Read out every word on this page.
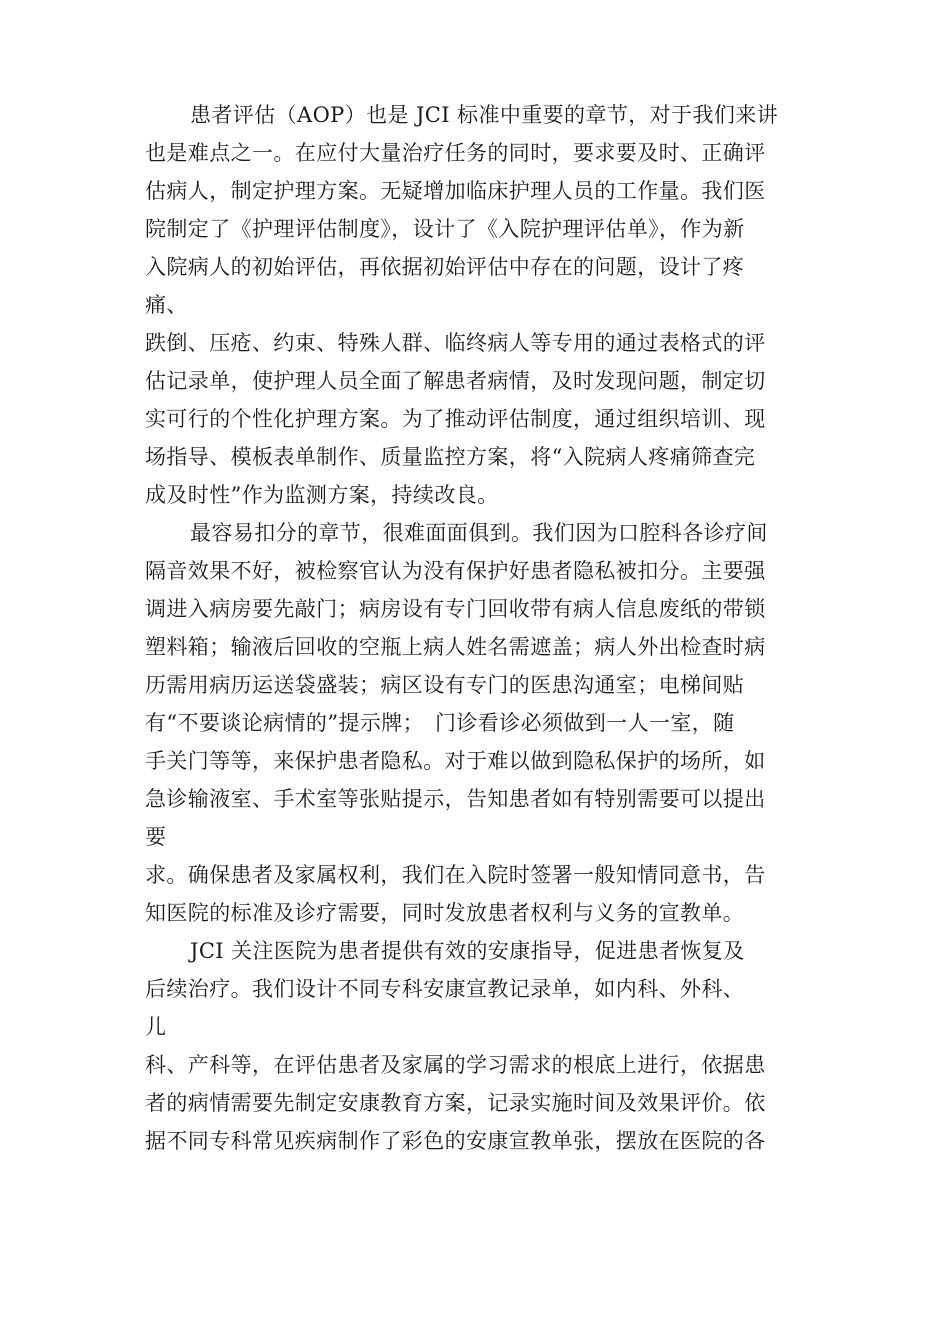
患者评估（AOP）也是 JCI 标准中重要的章节，对于我们来讲
也是难点之一。在应付大量治疗任务的同时，要求要及时、正确评
估病人，制定护理方案。无疑增加临床护理人员的工作量。我们医
院制定了《护理评估制度》，设计了《入院护理评估单》，作为新
入院病人的初始评估，再依据初始评估中存在的问题，设计了疼
痛、
跌倒、压疮、约束、特殊人群、临终病人等专用的通过表格式的评
估记录单，使护理人员全面了解患者病情，及时发现问题，制定切
实可行的个性化护理方案。为了推动评估制度，通过组织培训、现
场指导、模板表单制作、质量监控方案，将“入院病人疼痛筛查完
成及时性”作为监测方案，持续改良。
最容易扣分的章节，很难面面俱到。我们因为口腔科各诊疗间
隔音效果不好，被检察官认为没有保护好患者隐私被扣分。主要强
调进入病房要先敲门；病房设有专门回收带有病人信息废纸的带锁
塑料箱；输液后回收的空瓶上病人姓名需遮盖；病人外出检查时病
历需用病历运送袋盛装；病区设有专门的医患沟通室；电梯间贴
有“不要谈论病情的”提示牌；　门诊看诊必须做到一人一室，随
手关门等等，来保护患者隐私。对于难以做到隐私保护的场所，如
急诊输液室、手术室等张贴提示，告知患者如有特别需要可以提出
要
求。确保患者及家属权利，我们在入院时签署一般知情同意书，告
知医院的标准及诊疗需要，同时发放患者权利与义务的宣教单。
JCI 关注医院为患者提供有效的安康指导，促进患者恢复及
后续治疗。我们设计不同专科安康宣教记录单，如内科、外科、
儿
科、产科等，在评估患者及家属的学习需求的根底上进行，依据患
者的病情需要先制定安康教育方案，记录实施时间及效果评价。依
据不同专科常见疾病制作了彩色的安康宣教单张，摆放在医院的各
